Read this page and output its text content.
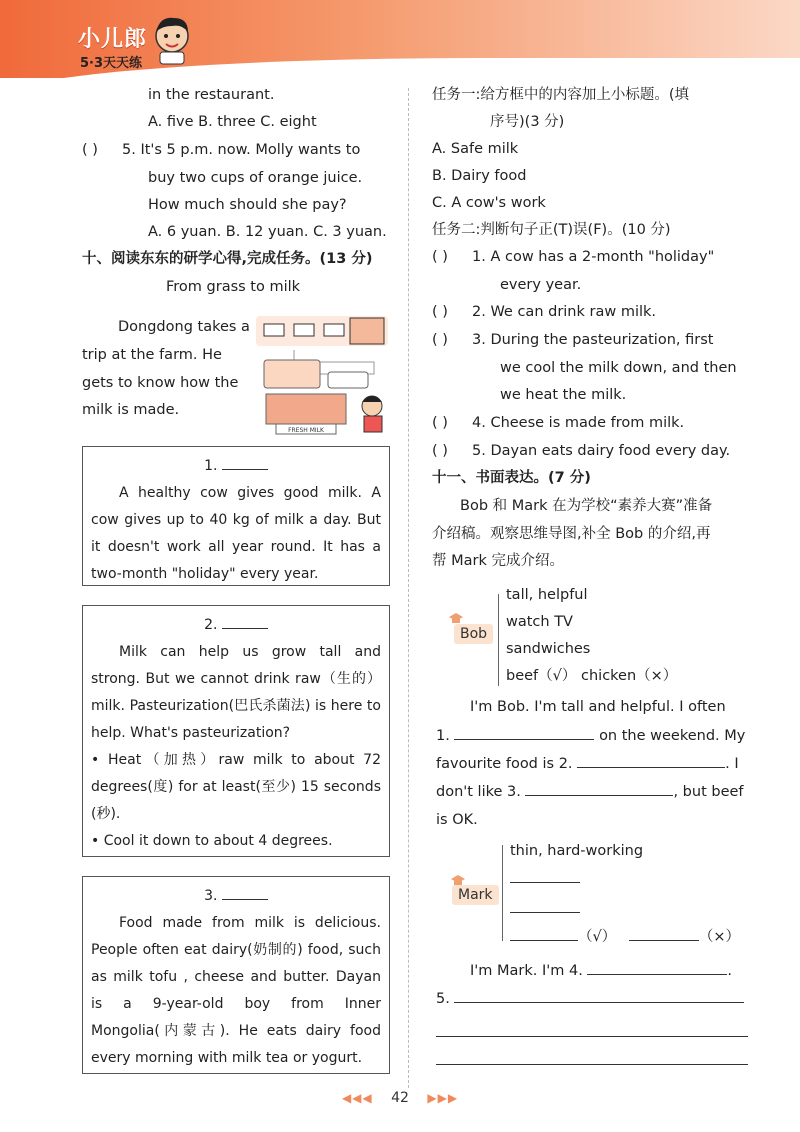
小儿郎
5·3天天练
in the restaurant.
A. five B. three C. eight
( ) 5. It's 5 p.m. now. Molly wants to
buy two cups of orange juice.
How much should she pay?
A. 6 yuan. B. 12 yuan. C. 3 yuan.
十、阅读东东的研学心得,完成任务。(13 分)
From grass to milk
Dongdong takes a
trip at the farm. He
gets to know how the
milk is made.
FRESH MILK
1.

A healthy cow gives good milk. A cow gives up to 40 kg of milk a day. But it doesn't work all year round. It has a two-month "holiday" every year.

2.

Milk can help us grow tall and strong. But we cannot drink raw（生的）milk. Pasteurization(巴氏杀菌法) is here to help. What's pasteurization?

• Heat（加热）raw milk to about 72 degrees(度) for at least(至少) 15 seconds (秒).

• Cool it down to about 4 degrees.

3.

Food made from milk is delicious. People often eat dairy(奶制的) food, such as milk tofu , cheese and butter. Dayan is a 9-year-old boy from Inner Mongolia(内蒙古). He eats dairy food every morning with milk tea or yogurt.

任务一:给方框中的内容加上小标题。(填
序号)(3 分)
A. Safe milk
B. Dairy food
C. A cow's work
任务二:判断句子正(T)误(F)。(10 分)
( ) 1. A cow has a 2-month "holiday"
every year.
( ) 2. We can drink raw milk.
( ) 3. During the pasteurization, first
we cool the milk down, and then
we heat the milk.
( ) 4. Cheese is made from milk.
( ) 5. Dayan eats dairy food every day.
十一、书面表达。(7 分)
Bob 和 Mark 在为学校“素养大赛”准备
介绍稿。观察思维导图,补全 Bob 的介绍,再
帮 Mark 完成介绍。
Bob
tall, helpful
watch TV
sandwiches
beef（√） chicken（×）
I'm Bob. I'm tall and helpful. I often
1.	on the weekend. My
favourite food is 2.	. I
don't like 3.	, but beef
is OK.
Mark
thin, hard-working
（√）	（×）
I'm Mark. I'm 4.	.
5.
◀◀◀ 42 ▶▶▶
